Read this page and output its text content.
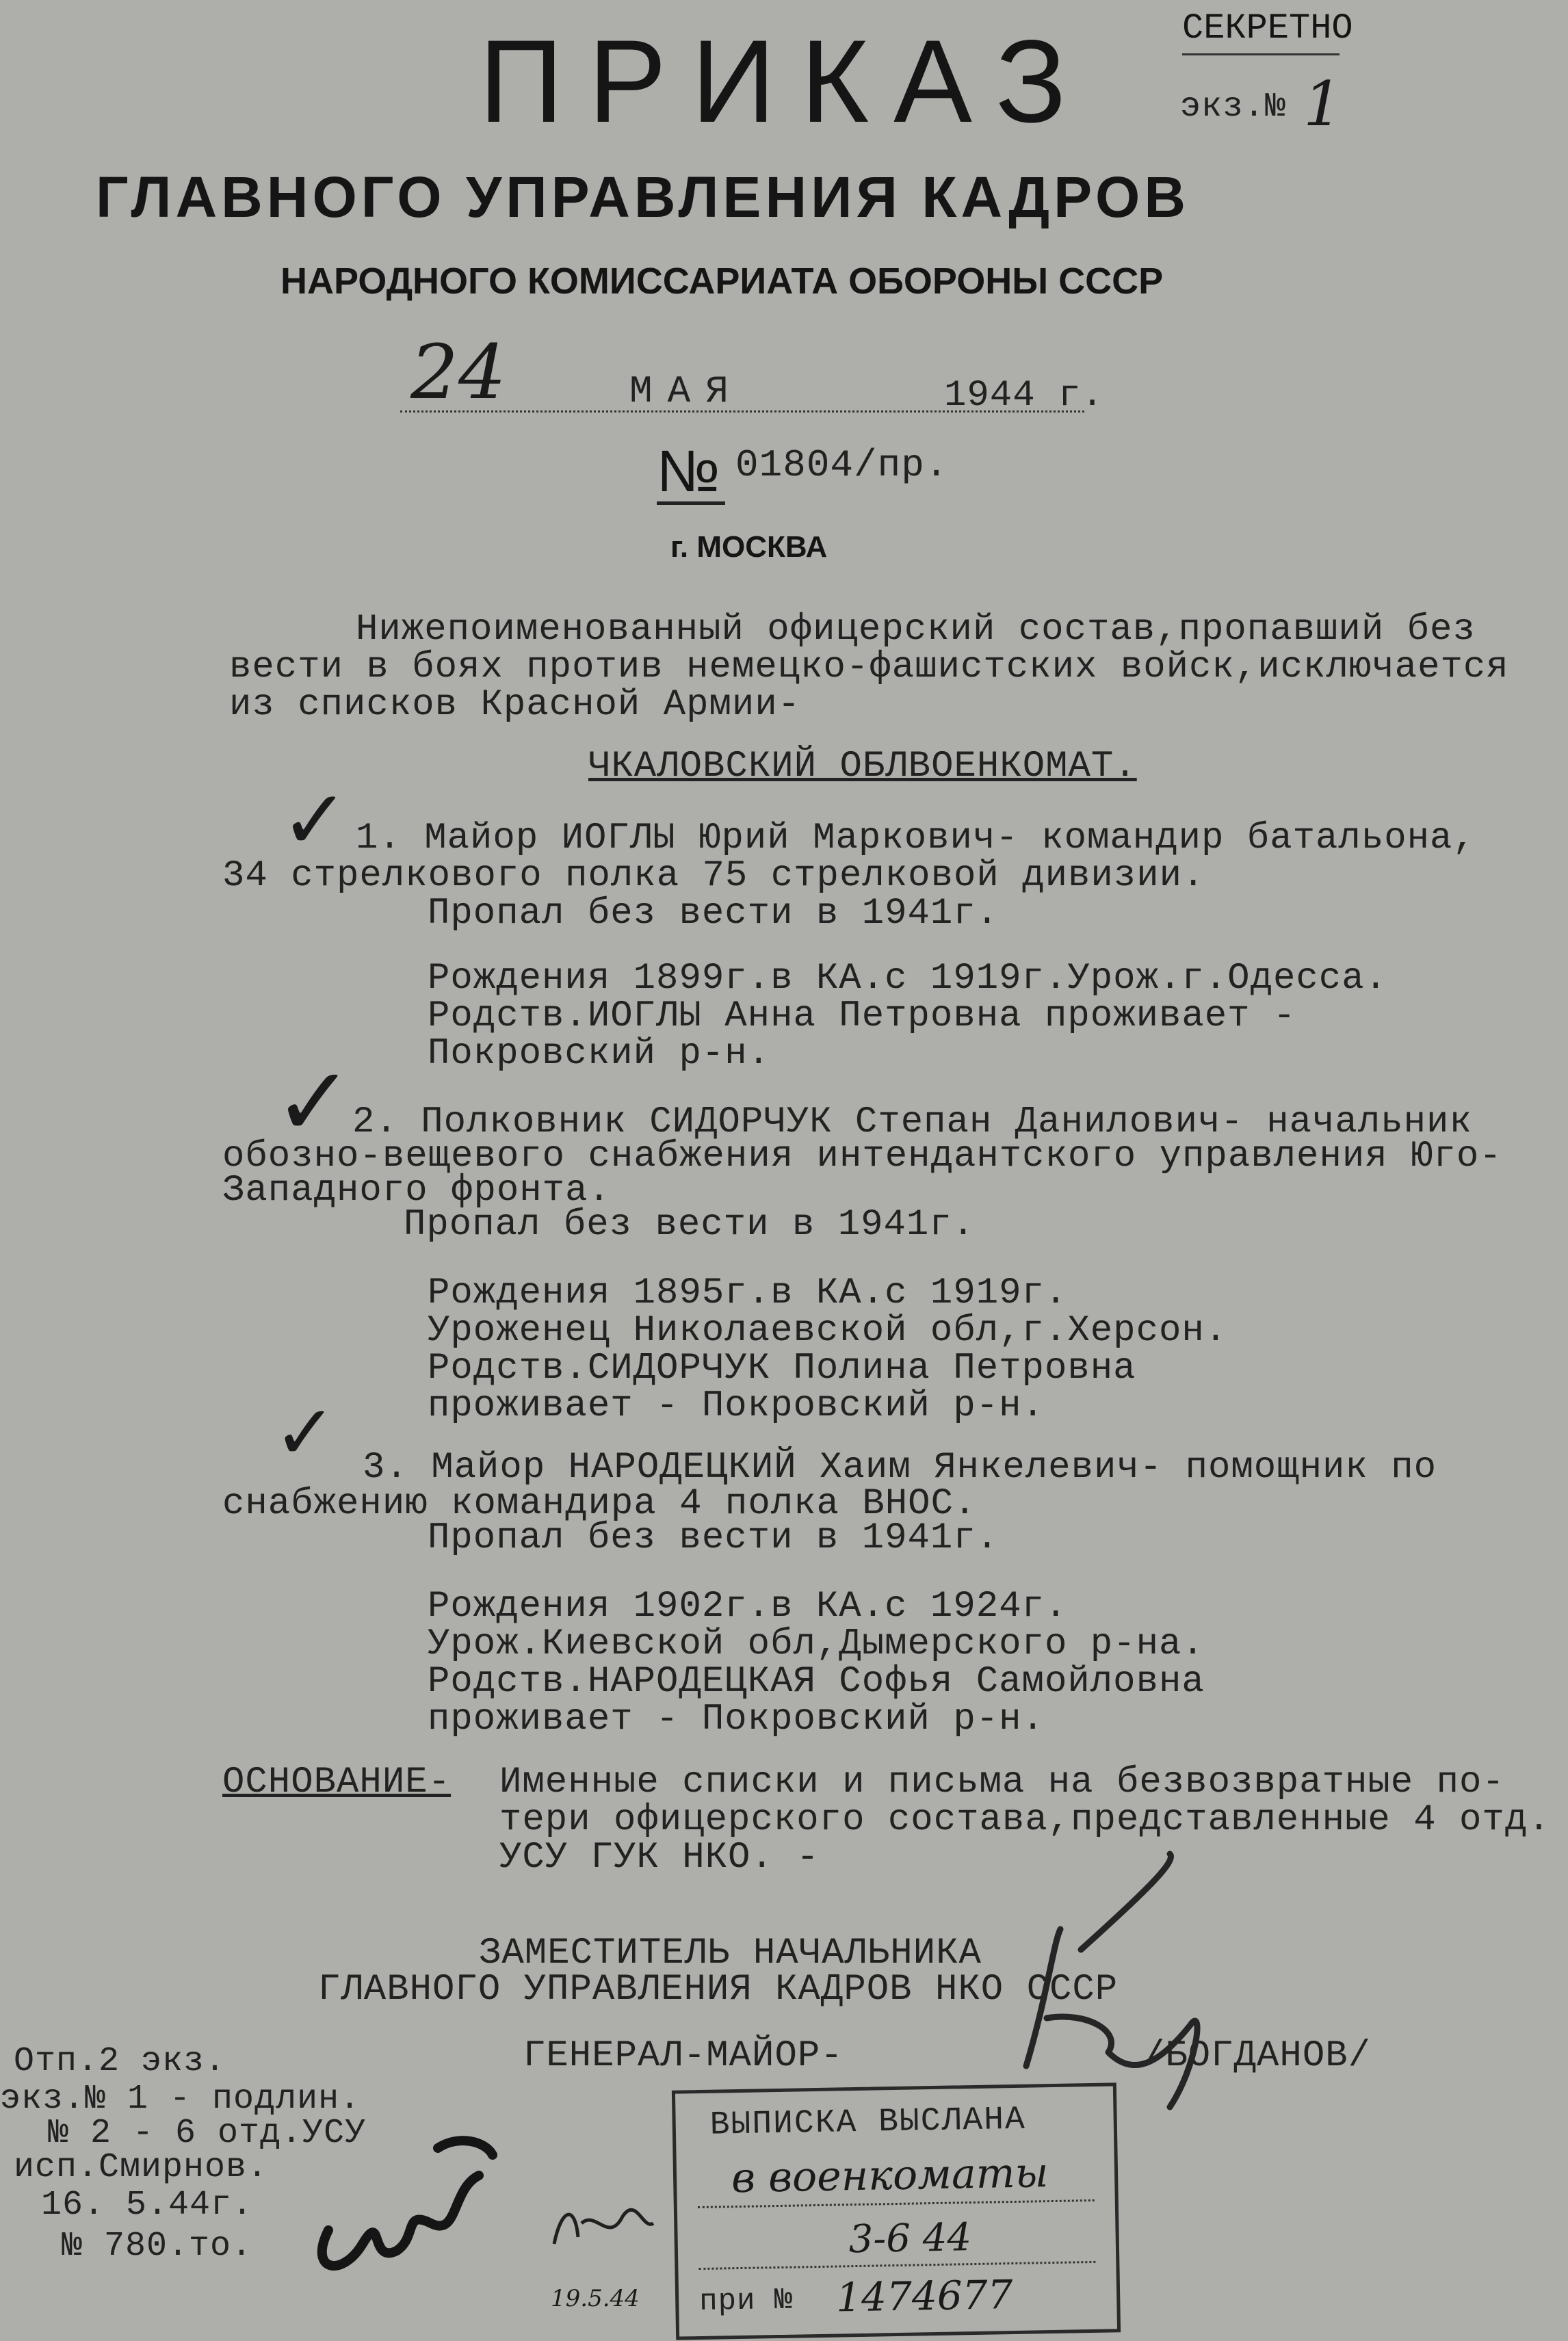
СЕКРЕТНО
экз.№ 1
ПРИКАЗ
ГЛАВНОГО УПРАВЛЕНИЯ КАДРОВ
НАРОДНОГО КОМИССАРИАТА ОБОРОНЫ СССР
24	МАЯ	1944 г.
№ 01804/пр.
г. МОСКВА
Нижепоименованный офицерский состав,пропавший без
вести в боях против немецко-фашистских войск,исключается
из списков Красной Армии-
ЧКАЛОВСКИЙ ОБЛВОЕНКОМАТ.
✓ 1. Майор ИОГЛЫ Юрий Маркович- командир батальона,
34 стрелкового полка 75 стрелковой дивизии.
Пропал без вести в 1941г.
Рождения 1899г.в КА.с 1919г.Урож.г.Одесса.
Родств.ИОГЛЫ Анна Петровна проживает -
Покровский р-н.
✓
2. Полковник СИДОРЧУК Степан Данилович- начальник
обозно-вещевого снабжения интендантского управления Юго-
Западного фронта.
Пропал без вести в 1941г.
Рождения 1895г.в КА.с 1919г.
Уроженец Николаевской обл,г.Херсон.
Родств.СИДОРЧУК Полина Петровна
проживает - Покровский р-н.
✓ 3. Майор НАРОДЕЦКИЙ Хаим Янкелевич- помощник по
снабжению командира 4 полка ВНОС.
Пропал без вести в 1941г.
Рождения 1902г.в КА.с 1924г.
Урож.Киевской обл,Дымерского р-на.
Родств.НАРОДЕЦКАЯ Софья Самойловна
проживает - Покровский р-н.
ОСНОВАНИЕ- Именные списки и письма на безвозвратные по-
тери офицерского состава,представленные 4 отд.
УСУ ГУК НКО. -
ЗАМЕСТИТЕЛЬ НАЧАЛЬНИКА
ГЛАВНОГО УПРАВЛЕНИЯ КАДРОВ НКО СССР
ГЕНЕРАЛ-МАЙОР-	/БОГДАНОВ/
Отп.2 экз.
экз.№ 1 - подлин.
№ 2 - 6 отд.УСУ
исп.Смирнов.
16. 5.44г.
№ 780.то.
19.5.44
ВЫПИСКА ВЫСЛАНА
в военкоматы
3-6 44
при № 1474677
